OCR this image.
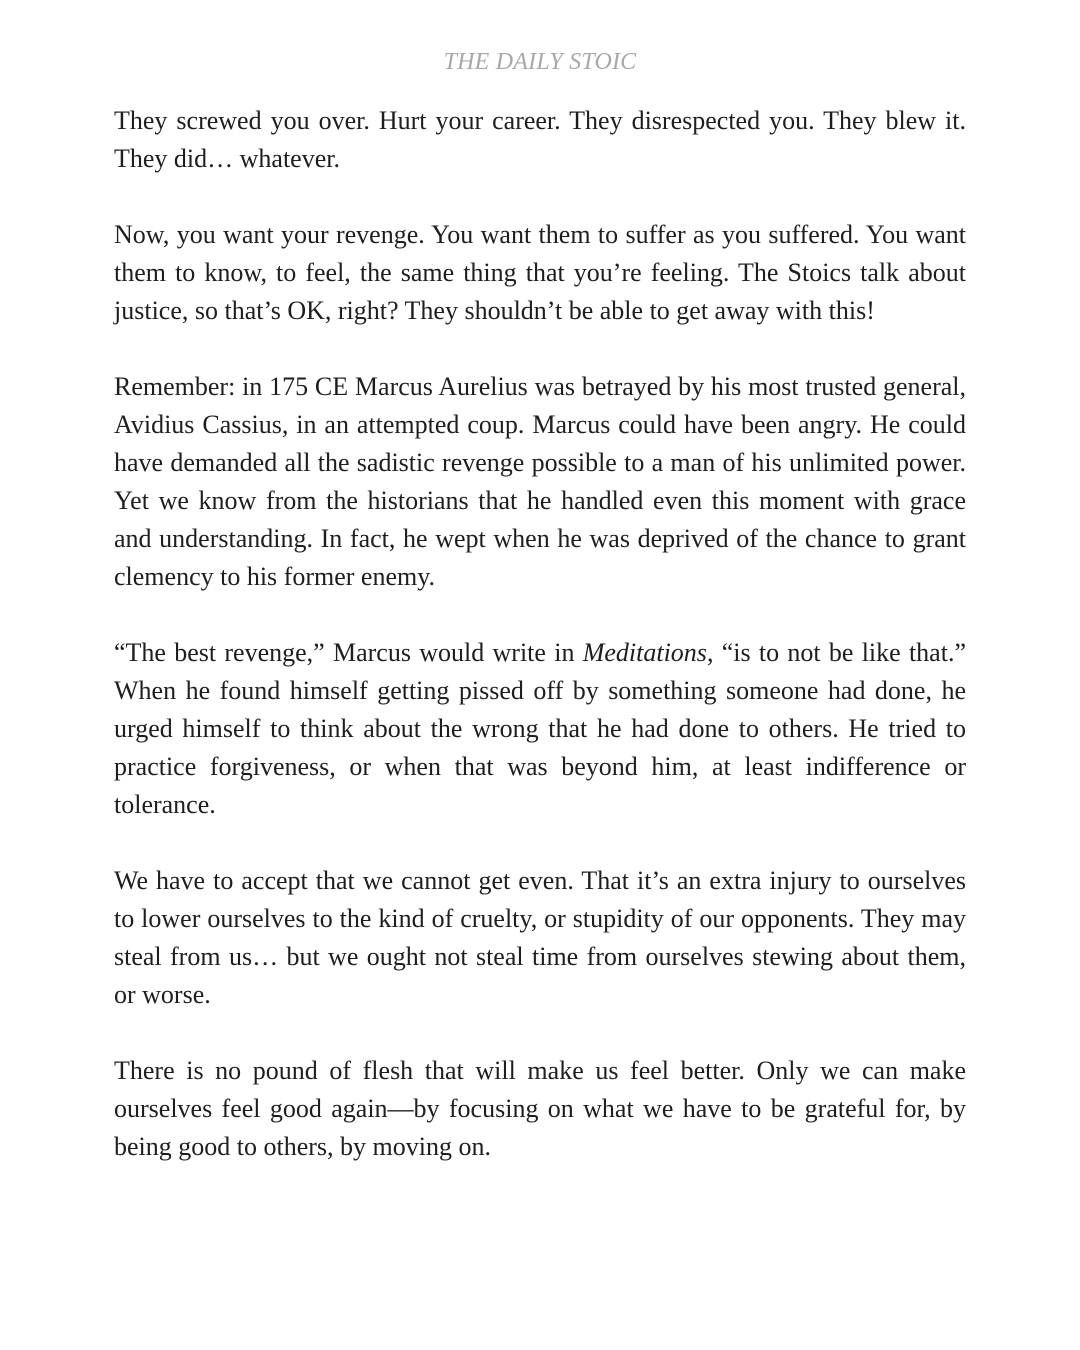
THE DAILY STOIC

They screwed you over. Hurt your career. They disrespected you. They blew it. They did… whatever.

Now, you want your revenge. You want them to suffer as you suffered. You want them to know, to feel, the same thing that you’re feeling. The Stoics talk about justice, so that’s OK, right? They shouldn’t be able to get away with this!

Remember: in 175 CE Marcus Aurelius was betrayed by his most trusted general, Avidius Cassius, in an attempted coup. Marcus could have been angry. He could have demanded all the sadistic revenge possible to a man of his unlimited power. Yet we know from the historians that he handled even this moment with grace and understanding. In fact, he wept when he was deprived of the chance to grant clemency to his former enemy.

“The best revenge,” Marcus would write in Meditations, “is to not be like that.” When he found himself getting pissed off by something someone had done, he urged himself to think about the wrong that he had done to others. He tried to practice forgiveness, or when that was beyond him, at least indifference or tolerance.

We have to accept that we cannot get even. That it’s an extra injury to ourselves to lower ourselves to the kind of cruelty, or stupidity of our opponents. They may steal from us… but we ought not steal time from ourselves stewing about them, or worse.

There is no pound of flesh that will make us feel better. Only we can make ourselves feel good again—by focusing on what we have to be grateful for, by being good to others, by moving on.
